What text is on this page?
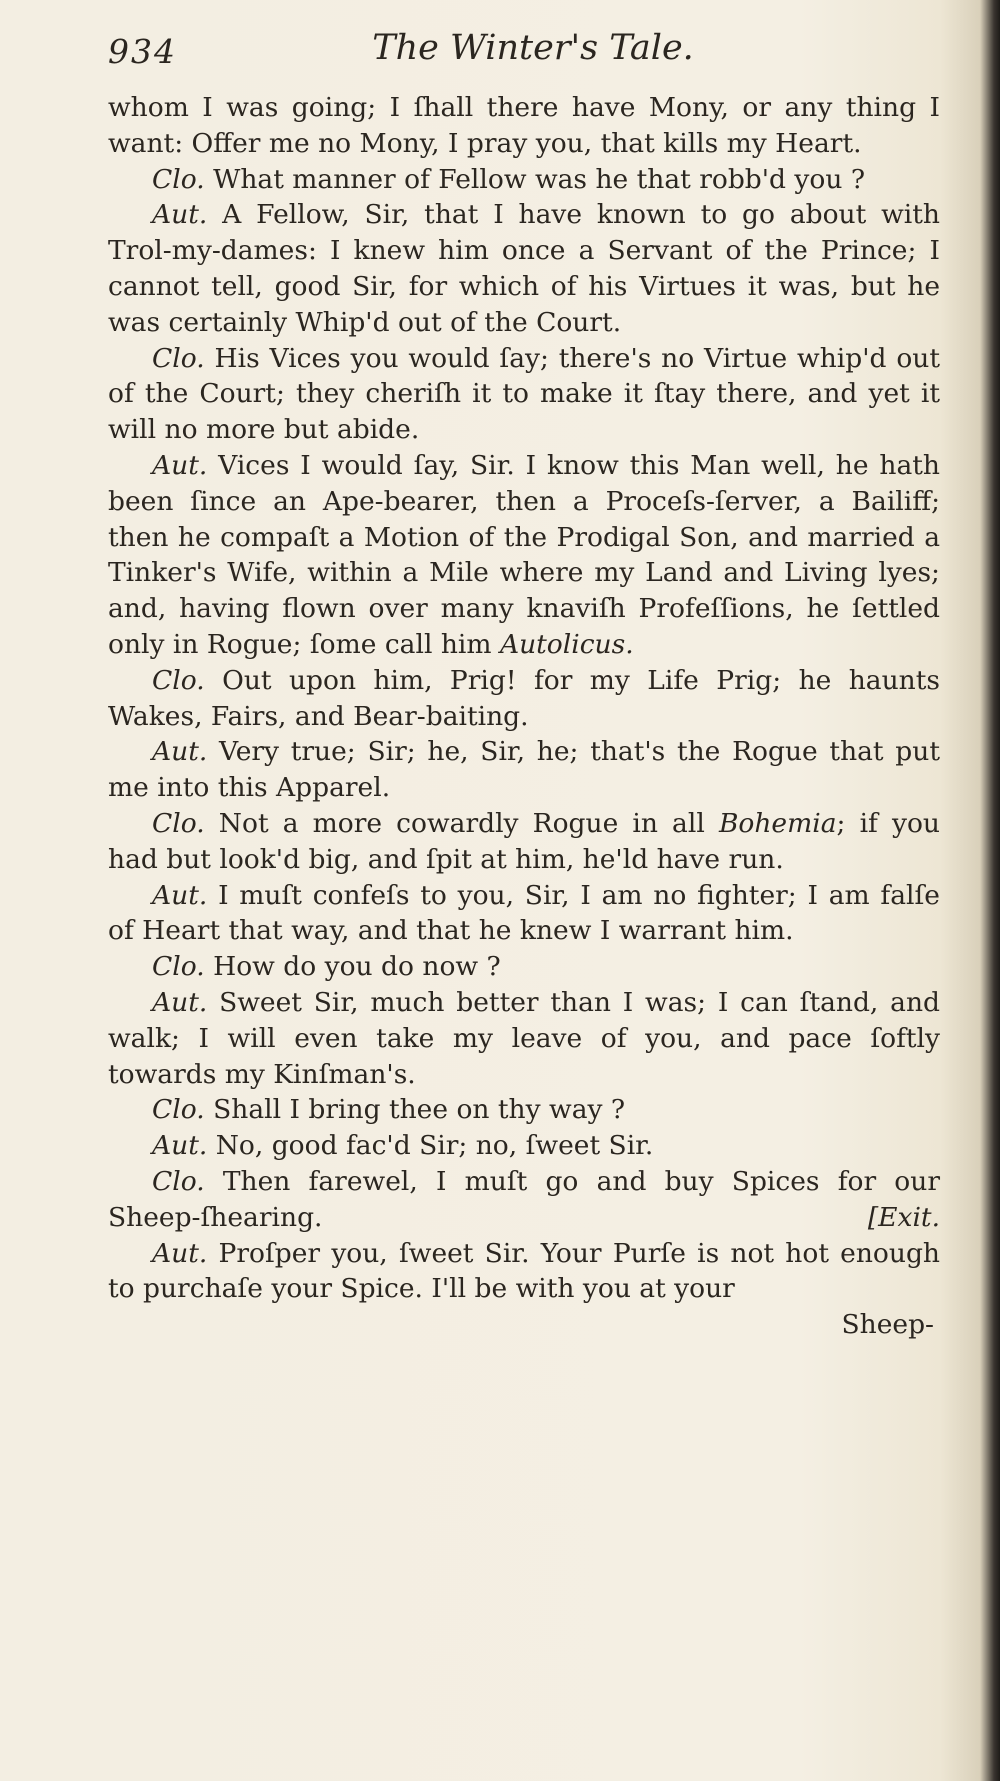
934	The Winter's Tale.

whom I was going; I ſhall there have Mony, or any thing I want: Offer me no Mony, I pray you, that kills my Heart.

Clo. What manner of Fellow was he that robb'd you ?

Aut. A Fellow, Sir, that I have known to go about with Trol-my-dames: I knew him once a Servant of the Prince; I cannot tell, good Sir, for which of his Virtues it was, but he was certainly Whip'd out of the Court.

Clo. His Vices you would ſay; there's no Virtue whip'd out of the Court; they cheriſh it to make it ſtay there, and yet it will no more but abide.

Aut. Vices I would ſay, Sir. I know this Man well, he hath been ſince an Ape-bearer, then a Proceſs-ſerver, a Bailiff; then he compaſt a Motion of the Prodigal Son, and married a Tinker's Wife, within a Mile where my Land and Living lyes; and, having flown over many knaviſh Profeſſions, he ſettled only in Rogue; ſome call him Autolicus.

Clo. Out upon him, Prig! for my Life Prig; he haunts Wakes, Fairs, and Bear-baiting.

Aut. Very true; Sir; he, Sir, he; that's the Rogue that put me into this Apparel.

Clo. Not a more cowardly Rogue in all Bohemia; if you had but look'd big, and ſpit at him, he'ld have run.

Aut. I muſt confeſs to you, Sir, I am no fighter; I am falſe of Heart that way, and that he knew I warrant him.

Clo. How do you do now ?

Aut. Sweet Sir, much better than I was; I can ſtand, and walk; I will even take my leave of you, and pace ſoftly towards my Kinſman's.

Clo. Shall I bring thee on thy way ?

Aut. No, good fac'd Sir; no, ſweet Sir.

Clo. Then farewel, I muſt go and buy Spices for our Sheep-ſhearing.	[Exit.

Aut. Proſper you, ſweet Sir. Your Purſe is not hot enough to purchaſe your Spice. I'll be with you at your

Sheep-
